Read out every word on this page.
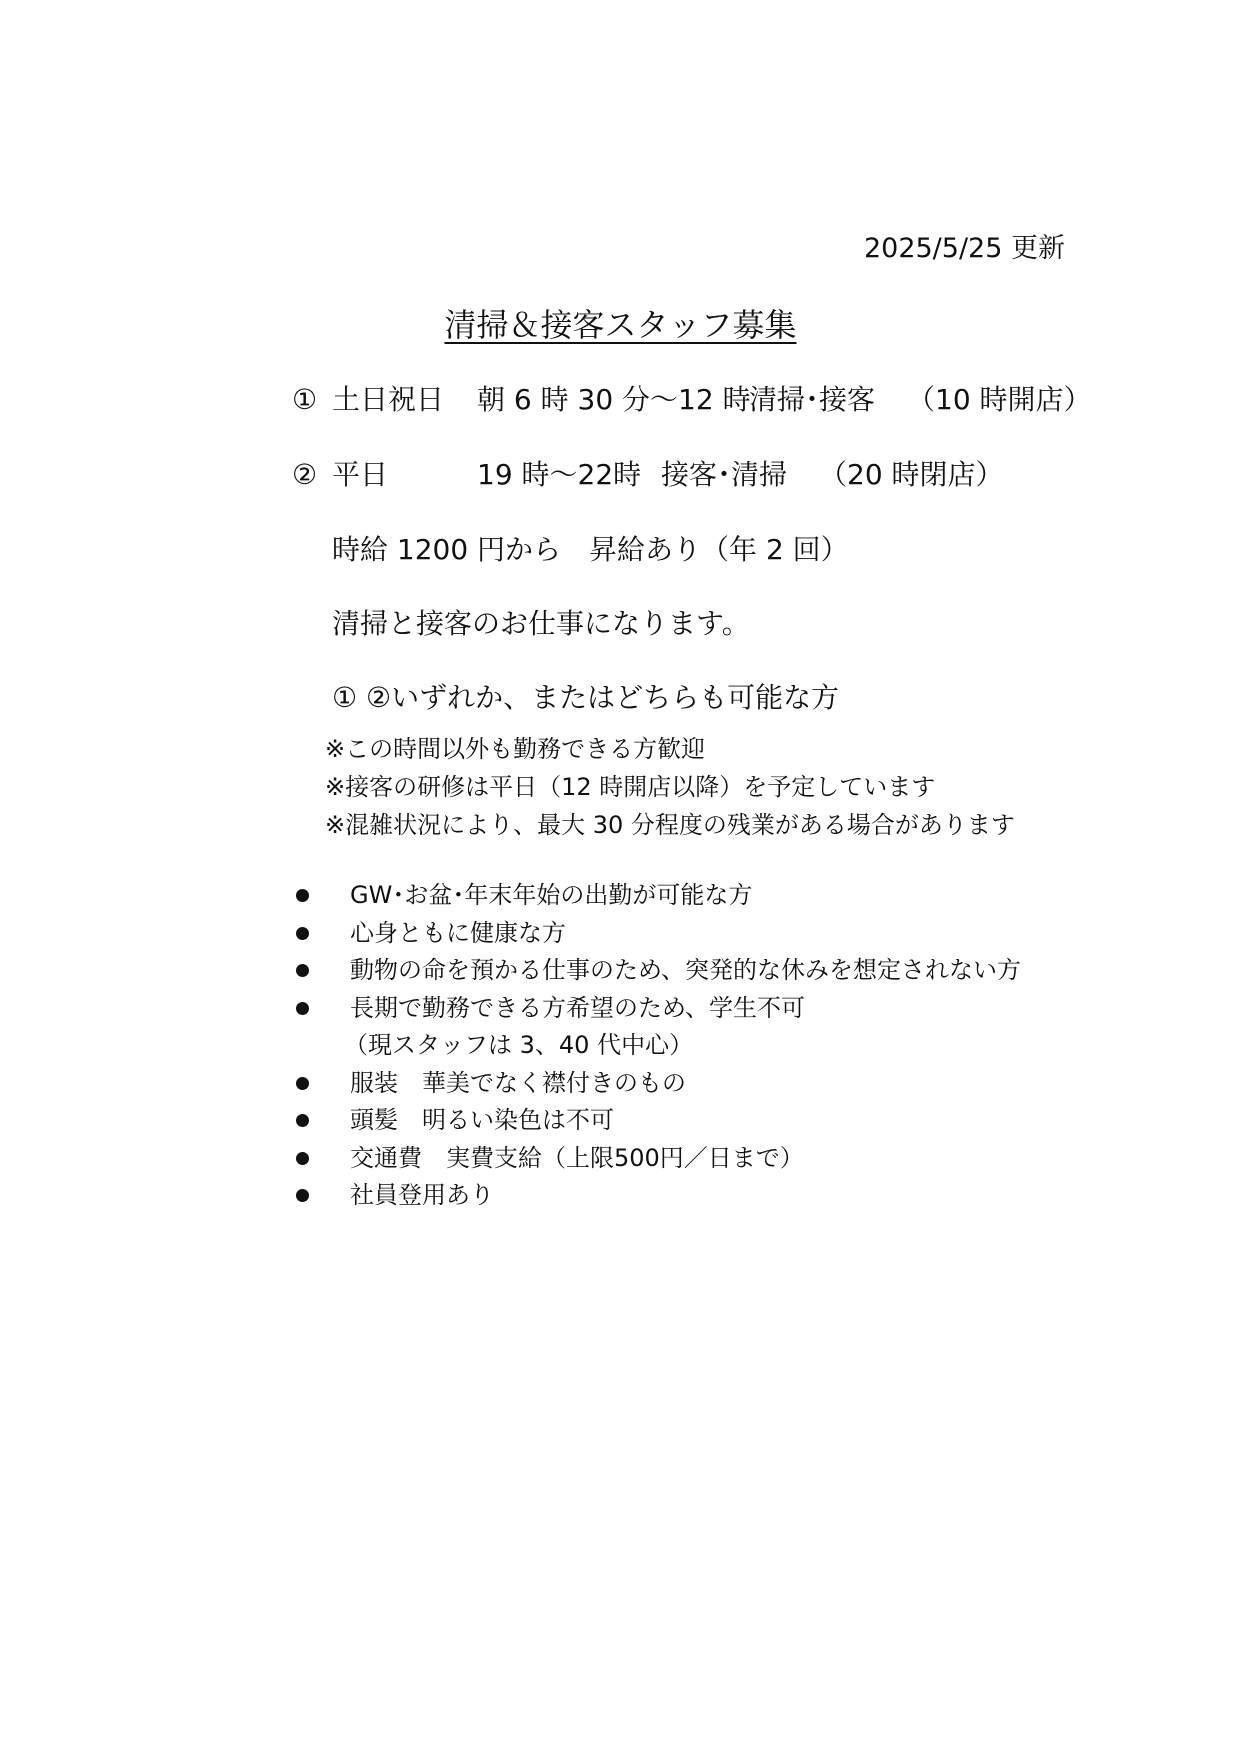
2025/5/25 更新
清掃＆接客スタッフ募集
① 土日祝日 朝 6 時 30 分～12 時清掃･接客 （10 時開店）
② 平日	19 時～22時 接客･清掃 （20 時閉店）
時給 1200 円から　昇給あり（年 2 回）
清掃と接客のお仕事になります。
① ②いずれか、またはどちらも可能な方
※この時間以外も勤務できる方歓迎
※接客の研修は平日（12 時開店以降）を予定しています
※混雑状況により、最大 30 分程度の残業がある場合があります
GW･お盆･年末年始の出勤が可能な方
心身ともに健康な方
動物の命を預かる仕事のため、突発的な休みを想定されない方
長期で勤務できる方希望のため、学生不可
（現スタッフは 3、40 代中心）
服装　華美でなく襟付きのもの
頭髪　明るい染色は不可
交通費　実費支給（上限500円／日まで）
社員登用あり
